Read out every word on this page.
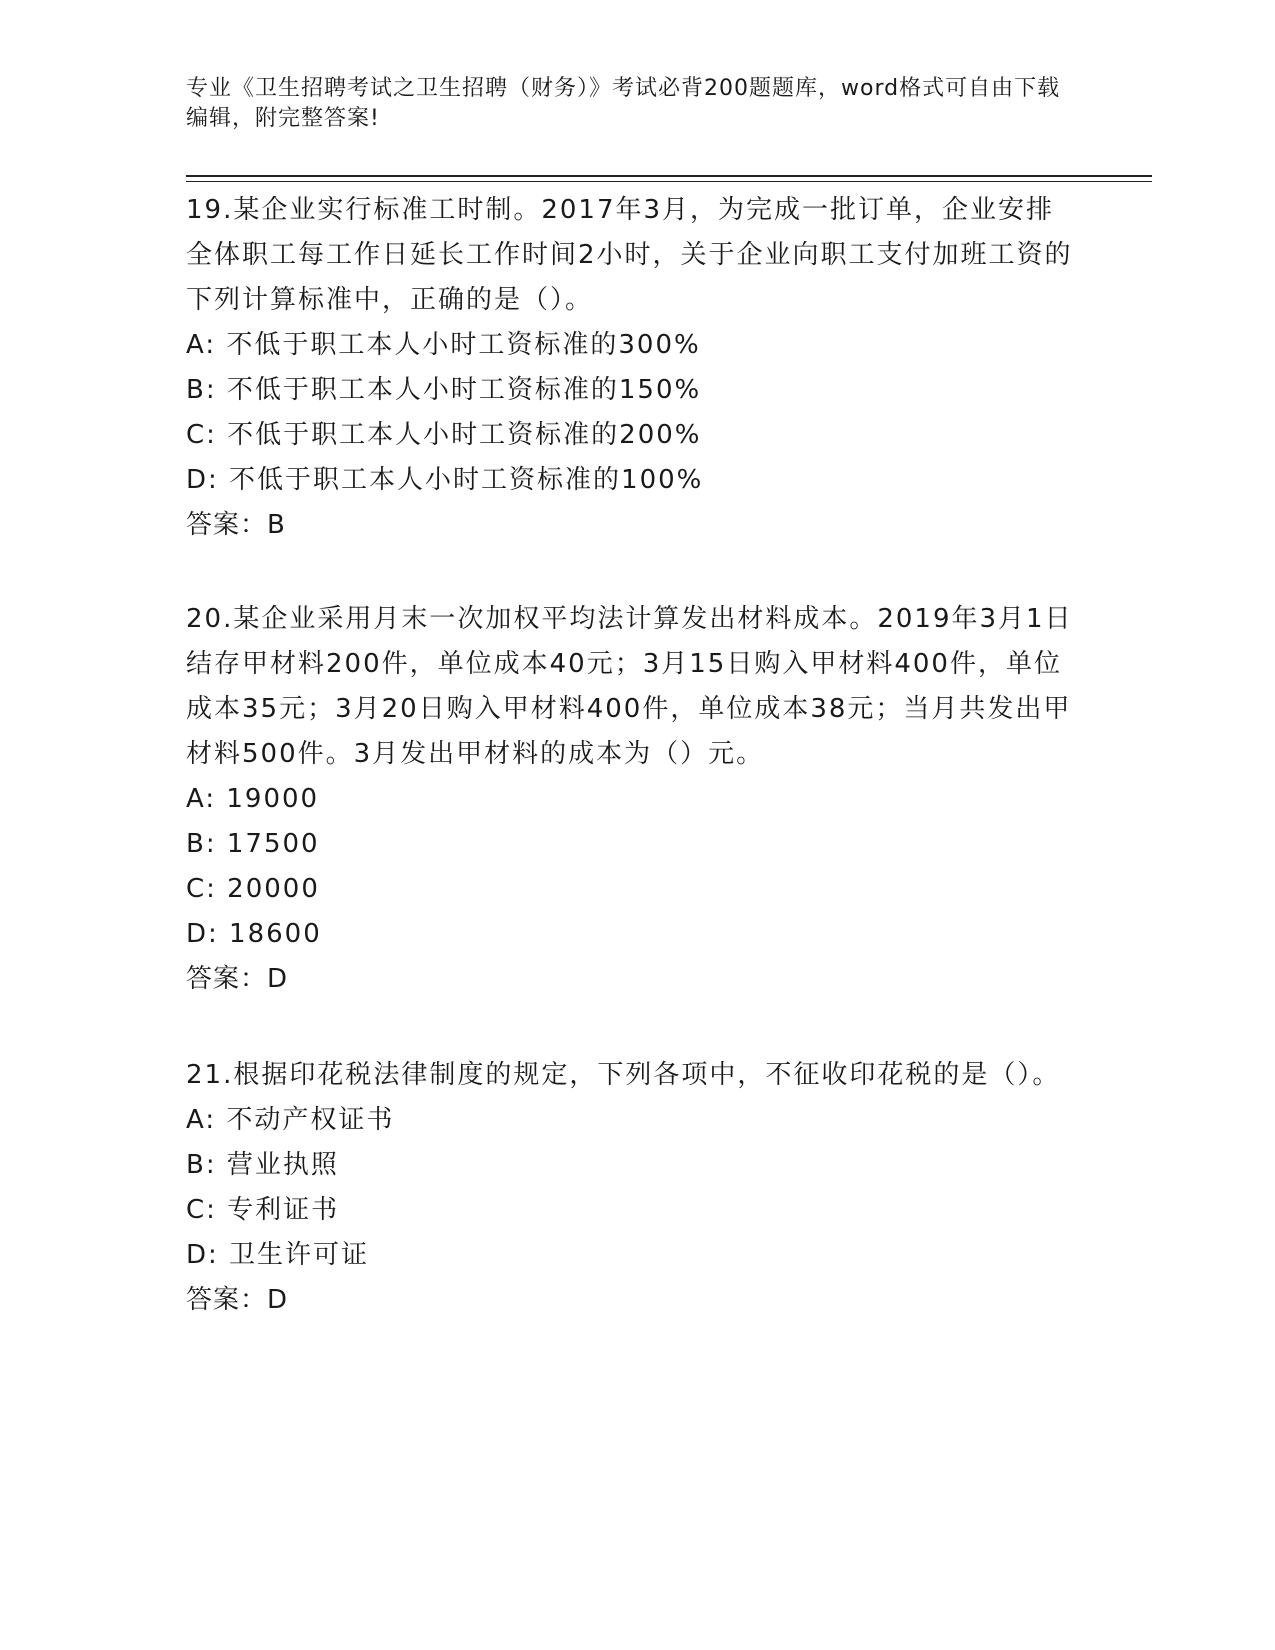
专业《卫生招聘考试之卫生招聘（财务）》考试必背200题题库，word格式可自由下载编辑，附完整答案!

19.某企业实行标准工时制。2017年3月，为完成一批订单，企业安排全体职工每工作日延长工作时间2小时，关于企业向职工支付加班工资的下列计算标准中，正确的是（）。

A: 不低于职工本人小时工资标准的300%

B: 不低于职工本人小时工资标准的150%

C: 不低于职工本人小时工资标准的200%

D: 不低于职工本人小时工资标准的100%

答案：B

20.某企业采用月末一次加权平均法计算发出材料成本。2019年3月1日结存甲材料200件，单位成本40元；3月15日购入甲材料400件，单位成本35元；3月20日购入甲材料400件，单位成本38元；当月共发出甲材料500件。3月发出甲材料的成本为（）元。

A: 19000

B: 17500

C: 20000

D: 18600

答案：D

21.根据印花税法律制度的规定，下列各项中，不征收印花税的是（）。

A: 不动产权证书

B: 营业执照

C: 专利证书

D: 卫生许可证

答案：D
